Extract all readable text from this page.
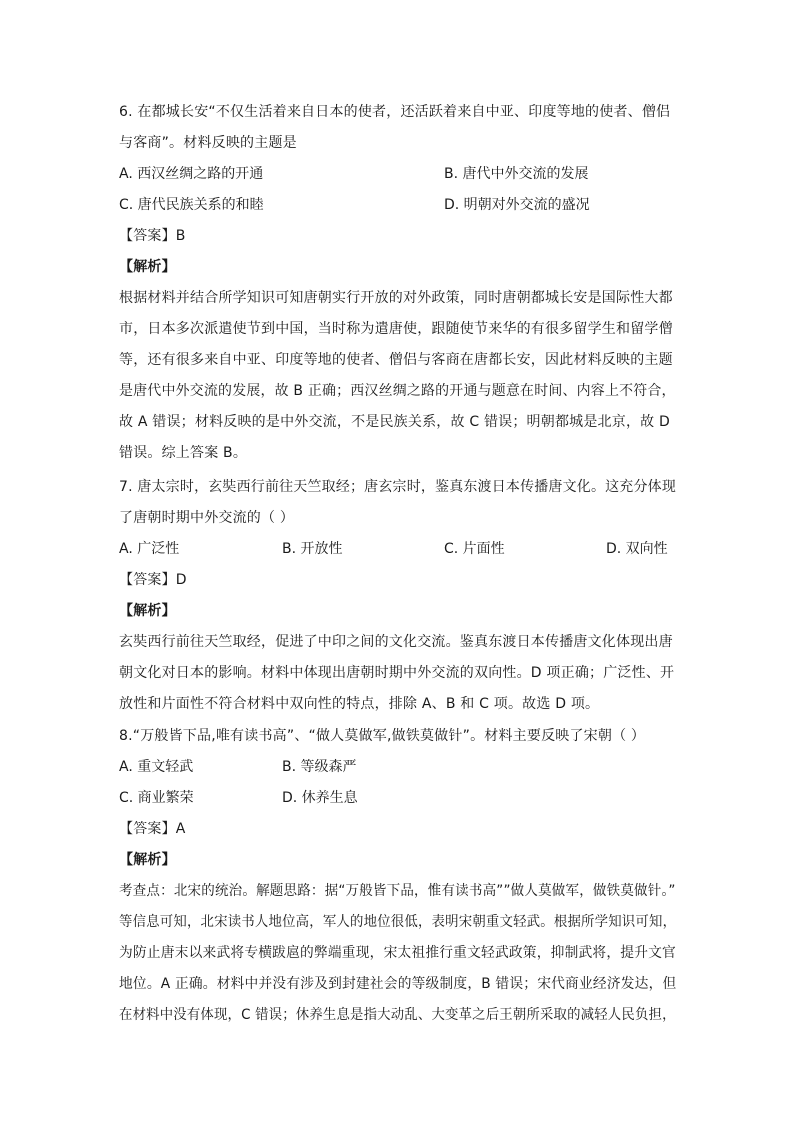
6. 在都城长安“不仅生活着来自日本的使者，还活跃着来自中亚、印度等地的使者、僧侣
与客商”。材料反映的主题是
A. 西汉丝绸之路的开通	B. 唐代中外交流的发展
C. 唐代民族关系的和睦	D. 明朝对外交流的盛况
【答案】B
【解析】
根据材料并结合所学知识可知唐朝实行开放的对外政策，同时唐朝都城长安是国际性大都
市，日本多次派遣使节到中国，当时称为遣唐使，跟随使节来华的有很多留学生和留学僧
等，还有很多来自中亚、印度等地的使者、僧侣与客商在唐都长安，因此材料反映的主题
是唐代中外交流的发展，故 B 正确；西汉丝绸之路的开通与题意在时间、内容上不符合，
故 A 错误；材料反映的是中外交流，不是民族关系，故 C 错误；明朝都城是北京，故 D
错误。综上答案 B。
7. 唐太宗时，玄奘西行前往天竺取经；唐玄宗时，鉴真东渡日本传播唐文化。这充分体现
了唐朝时期中外交流的（ ）
A. 广泛性	B. 开放性	C. 片面性	D. 双向性
【答案】D
【解析】
玄奘西行前往天竺取经，促进了中印之间的文化交流。鉴真东渡日本传播唐文化体现出唐
朝文化对日本的影响。材料中体现出唐朝时期中外交流的双向性。D 项正确；广泛性、开
放性和片面性不符合材料中双向性的特点，排除 A、B 和 C 项。故选 D 项。
8.“万般皆下品,唯有读书高”、“做人莫做军,做铁莫做针”。材料主要反映了宋朝（ ）
A. 重文轻武	B. 等级森严
C. 商业繁荣	D. 休养生息
【答案】A
【解析】
考查点：北宋的统治。解题思路：据“万般皆下品，惟有读书高””做人莫做军，做铁莫做针。”
等信息可知，北宋读书人地位高，军人的地位很低，表明宋朝重文轻武。根据所学知识可知，
为防止唐末以来武将专横跋扈的弊端重现，宋太祖推行重文轻武政策，抑制武将，提升文官
地位。A 正确。材料中并没有涉及到封建社会的等级制度，B 错误；宋代商业经济发达，但
在材料中没有体现，C 错误；休养生息是指大动乱、大变革之后王朝所采取的减轻人民负担，
